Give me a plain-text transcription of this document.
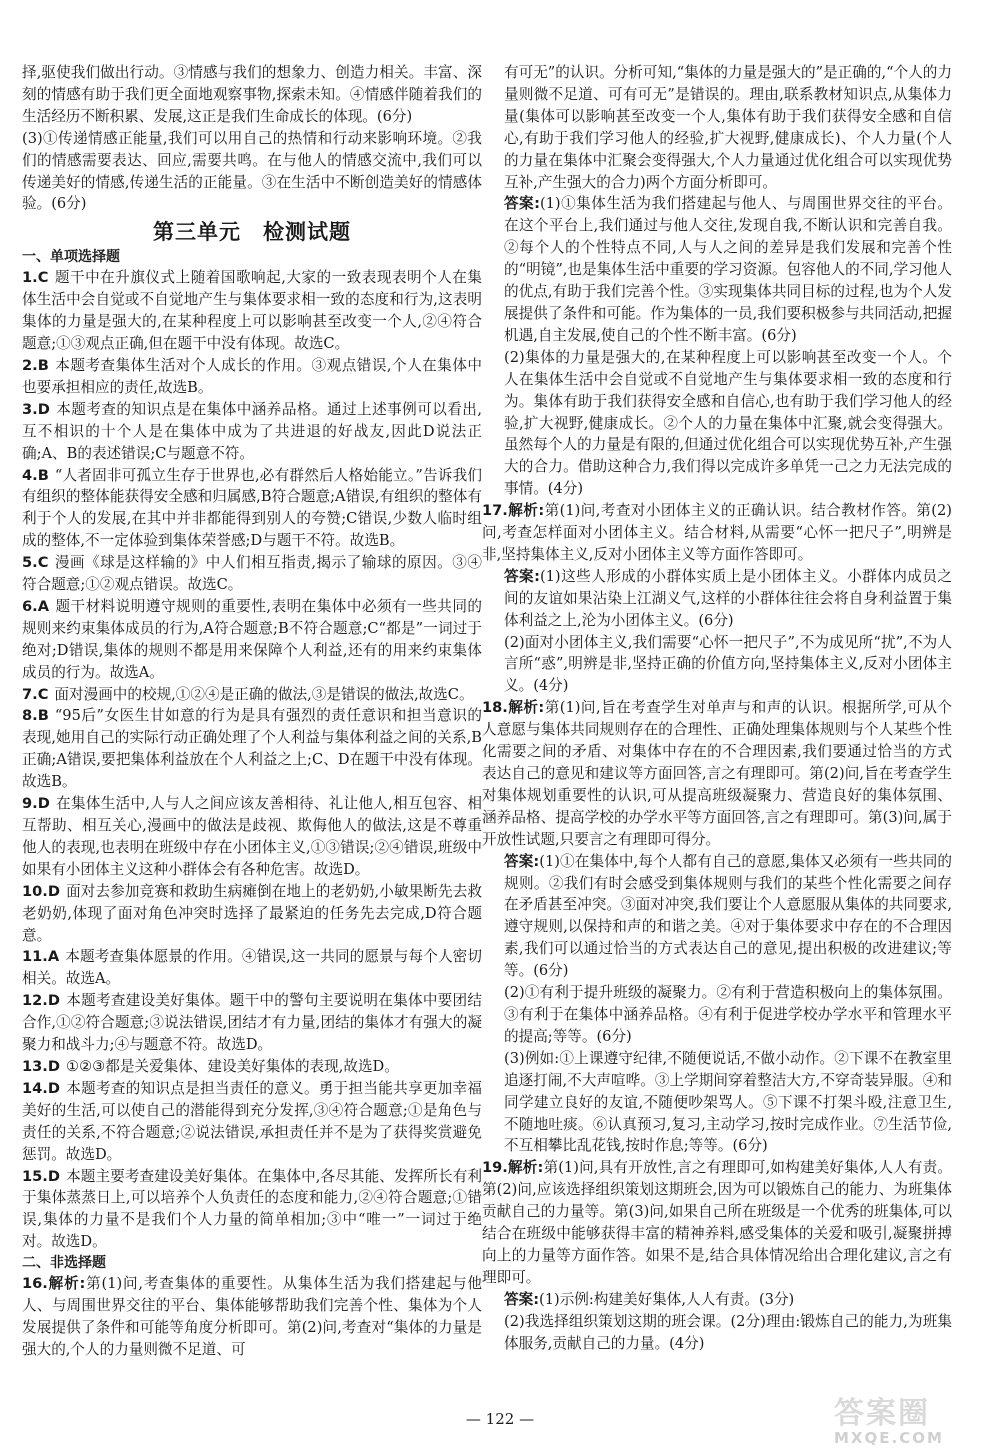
择,驱使我们做出行动。③情感与我们的想象力、创造力相关。丰富、深刻的情感有助于我们更全面地观察事物,探索未知。④情感伴随着我们的生活经历不断积累、发展,这正是我们生命成长的体现。(6分)

(3)①传递情感正能量,我们可以用自己的热情和行动来影响环境。②我们的情感需要表达、回应,需要共鸣。在与他人的情感交流中,我们可以传递美好的情感,传递生活的正能量。③在生活中不断创造美好的情感体验。(6分)

第三单元　检测试题

一、单项选择题

1.C 题干中在升旗仪式上随着国歌响起,大家的一致表现表明个人在集体生活中会自觉或不自觉地产生与集体要求相一致的态度和行为,这表明集体的力量是强大的,在某种程度上可以影响甚至改变一个人,②④符合题意;①③观点正确,但在题干中没有体现。故选C。

2.B 本题考查集体生活对个人成长的作用。③观点错误,个人在集体中也要承担相应的责任,故选B。

3.D 本题考查的知识点是在集体中涵养品格。通过上述事例可以看出,互不相识的十个人是在集体中成为了共进退的好战友,因此D说法正确;A、B的表述错误;C与题意不符。

4.B “人者固非可孤立生存于世界也,必有群然后人格始能立。”告诉我们有组织的整体能获得安全感和归属感,B符合题意;A错误,有组织的整体有利于个人的发展,在其中并非都能得到别人的夸赞;C错误,少数人临时组成的整体,不一定体验到集体荣誉感;D与题干不符。故选B。

5.C 漫画《球是这样输的》中人们相互指责,揭示了输球的原因。③④符合题意;①②观点错误。故选C。

6.A 题干材料说明遵守规则的重要性,表明在集体中必须有一些共同的规则来约束集体成员的行为,A符合题意;B不符合题意;C“都是”一词过于绝对;D错误,集体的规则不都是用来保障个人利益,还有的用来约束集体成员的行为。故选A。

7.C 面对漫画中的校规,①②④是正确的做法,③是错误的做法,故选C。

8.B “95后”女医生甘如意的行为是具有强烈的责任意识和担当意识的表现,她用自己的实际行动正确处理了个人利益与集体利益之间的关系,B正确;A错误,要把集体利益放在个人利益之上;C、D在题干中没有体现。故选B。

9.D 在集体生活中,人与人之间应该友善相待、礼让他人,相互包容、相互帮助、相互关心,漫画中的做法是歧视、欺侮他人的做法,这是不尊重他人的表现,也表明在班级中存在小团体主义,①③错误;②④错误,班级中如果有小团体主义这种小群体会有各种危害。故选D。

10.D 面对去参加竞赛和救助生病瘫倒在地上的老奶奶,小敏果断先去救老奶奶,体现了面对角色冲突时选择了最紧迫的任务先去完成,D符合题意。

11.A 本题考查集体愿景的作用。④错误,这一共同的愿景与每个人密切相关。故选A。

12.D 本题考查建设美好集体。题干中的警句主要说明在集体中要团结合作,①②符合题意;③说法错误,团结才有力量,团结的集体才有强大的凝聚力和战斗力;④与题意不符。故选D。

13.D ①②③都是关爱集体、建设美好集体的表现,故选D。

14.D 本题考查的知识点是担当责任的意义。勇于担当能共享更加幸福美好的生活,可以使自己的潜能得到充分发挥,③④符合题意;①是角色与责任的关系,不符合题意;②说法错误,承担责任并不是为了获得奖赏避免惩罚。故选D。

15.D 本题主要考查建设美好集体。在集体中,各尽其能、发挥所长有利于集体蒸蒸日上,可以培养个人负责任的态度和能力,②④符合题意;①错误,集体的力量不是我们个人力量的简单相加;③中“唯一”一词过于绝对。故选D。

二、非选择题

16.解析:第(1)问,考查集体的重要性。从集体生活为我们搭建起与他人、与周围世界交往的平台、集体能够帮助我们完善个性、集体为个人发展提供了条件和可能等角度分析即可。第(2)问,考查对“集体的力量是强大的,个人的力量则微不足道、可

有可无”的认识。分析可知,“集体的力量是强大的”是正确的,“个人的力量则微不足道、可有可无”是错误的。理由,联系教材知识点,从集体力量(集体可以影响甚至改变一个人,集体有助于我们获得安全感和自信心,有助于我们学习他人的经验,扩大视野,健康成长)、个人力量(个人的力量在集体中汇聚会变得强大,个人力量通过优化组合可以实现优势互补,产生强大的合力)两个方面分析即可。

答案:(1)①集体生活为我们搭建起与他人、与周围世界交往的平台。在这个平台上,我们通过与他人交往,发现自我,不断认识和完善自我。②每个人的个性特点不同,人与人之间的差异是我们发展和完善个性的“明镜”,也是集体生活中重要的学习资源。包容他人的不同,学习他人的优点,有助于我们完善个性。③实现集体共同目标的过程,也为个人发展提供了条件和可能。作为集体的一员,我们要积极参与共同活动,把握机遇,自主发展,使自己的个性不断丰富。(6分)

(2)集体的力量是强大的,在某种程度上可以影响甚至改变一个人。个人在集体生活中会自觉或不自觉地产生与集体要求相一致的态度和行为。集体有助于我们获得安全感和自信心,也有助于我们学习他人的经验,扩大视野,健康成长。②个人的力量在集体中汇聚,就会变得强大。虽然每个人的力量是有限的,但通过优化组合可以实现优势互补,产生强大的合力。借助这种合力,我们得以完成许多单凭一己之力无法完成的事情。(4分)

17.解析:第(1)问,考查对小团体主义的正确认识。结合教材作答。第(2)问,考查怎样面对小团体主义。结合材料,从需要“心怀一把尺子”,明辨是非,坚持集体主义,反对小团体主义等方面作答即可。

答案:(1)这些人形成的小群体实质上是小团体主义。小群体内成员之间的友谊如果沾染上江湖义气,这样的小群体往往会将自身利益置于集体利益之上,沦为小团体主义。(6分)

(2)面对小团体主义,我们需要“心怀一把尺子”,不为成见所“扰”,不为人言所“惑”,明辨是非,坚持正确的价值方向,坚持集体主义,反对小团体主义。(4分)

18.解析:第(1)问,旨在考查学生对单声与和声的认识。根据所学,可从个人意愿与集体共同规则存在的合理性、正确处理集体规则与个人某些个性化需要之间的矛盾、对集体中存在的不合理因素,我们要通过恰当的方式表达自己的意见和建议等方面回答,言之有理即可。第(2)问,旨在考查学生对集体规划重要性的认识,可从提高班级凝聚力、营造良好的集体氛围、涵养品格、提高学校的办学水平等方面回答,言之有理即可。第(3)问,属于开放性试题,只要言之有理即可得分。

答案:(1)①在集体中,每个人都有自己的意愿,集体又必须有一些共同的规则。②我们有时会感受到集体规则与我们的某些个性化需要之间存在矛盾甚至冲突。③面对冲突,我们要让个人意愿服从集体的共同要求,遵守规则,以保持和声的和谐之美。④对于集体要求中存在的不合理因素,我们可以通过恰当的方式表达自己的意见,提出积极的改进建议;等等。(6分)

(2)①有利于提升班级的凝聚力。②有利于营造积极向上的集体氛围。③有利于在集体中涵养品格。④有利于促进学校办学水平和管理水平的提高;等等。(6分)

(3)例如:①上课遵守纪律,不随便说话,不做小动作。②下课不在教室里追逐打闹,不大声喧哗。③上学期间穿着整洁大方,不穿奇装异服。④和同学建立良好的友谊,不随便吵架骂人。⑤下课不打架斗殴,注意卫生,不随地吐痰。⑥认真预习,复习,主动学习,按时完成作业。⑦生活节俭,不互相攀比乱花钱,按时作息;等等。(6分)

19.解析:第(1)问,具有开放性,言之有理即可,如构建美好集体,人人有责。第(2)问,应该选择组织策划这期班会,因为可以锻炼自己的能力、为班集体贡献自己的力量等。第(3)问,如果自己所在班级是一个优秀的班集体,可以结合在班级中能够获得丰富的精神养料,感受集体的关爱和吸引,凝聚拼搏向上的力量等方面作答。如果不是,结合具体情况给出合理化建议,言之有理即可。

答案:(1)示例:构建美好集体,人人有责。(3分)

(2)我选择组织策划这期的班会课。(2分)理由:锻炼自己的能力,为班集体服务,贡献自己的力量。(4分)

— 122 —	答案圈
MXQE.COM
